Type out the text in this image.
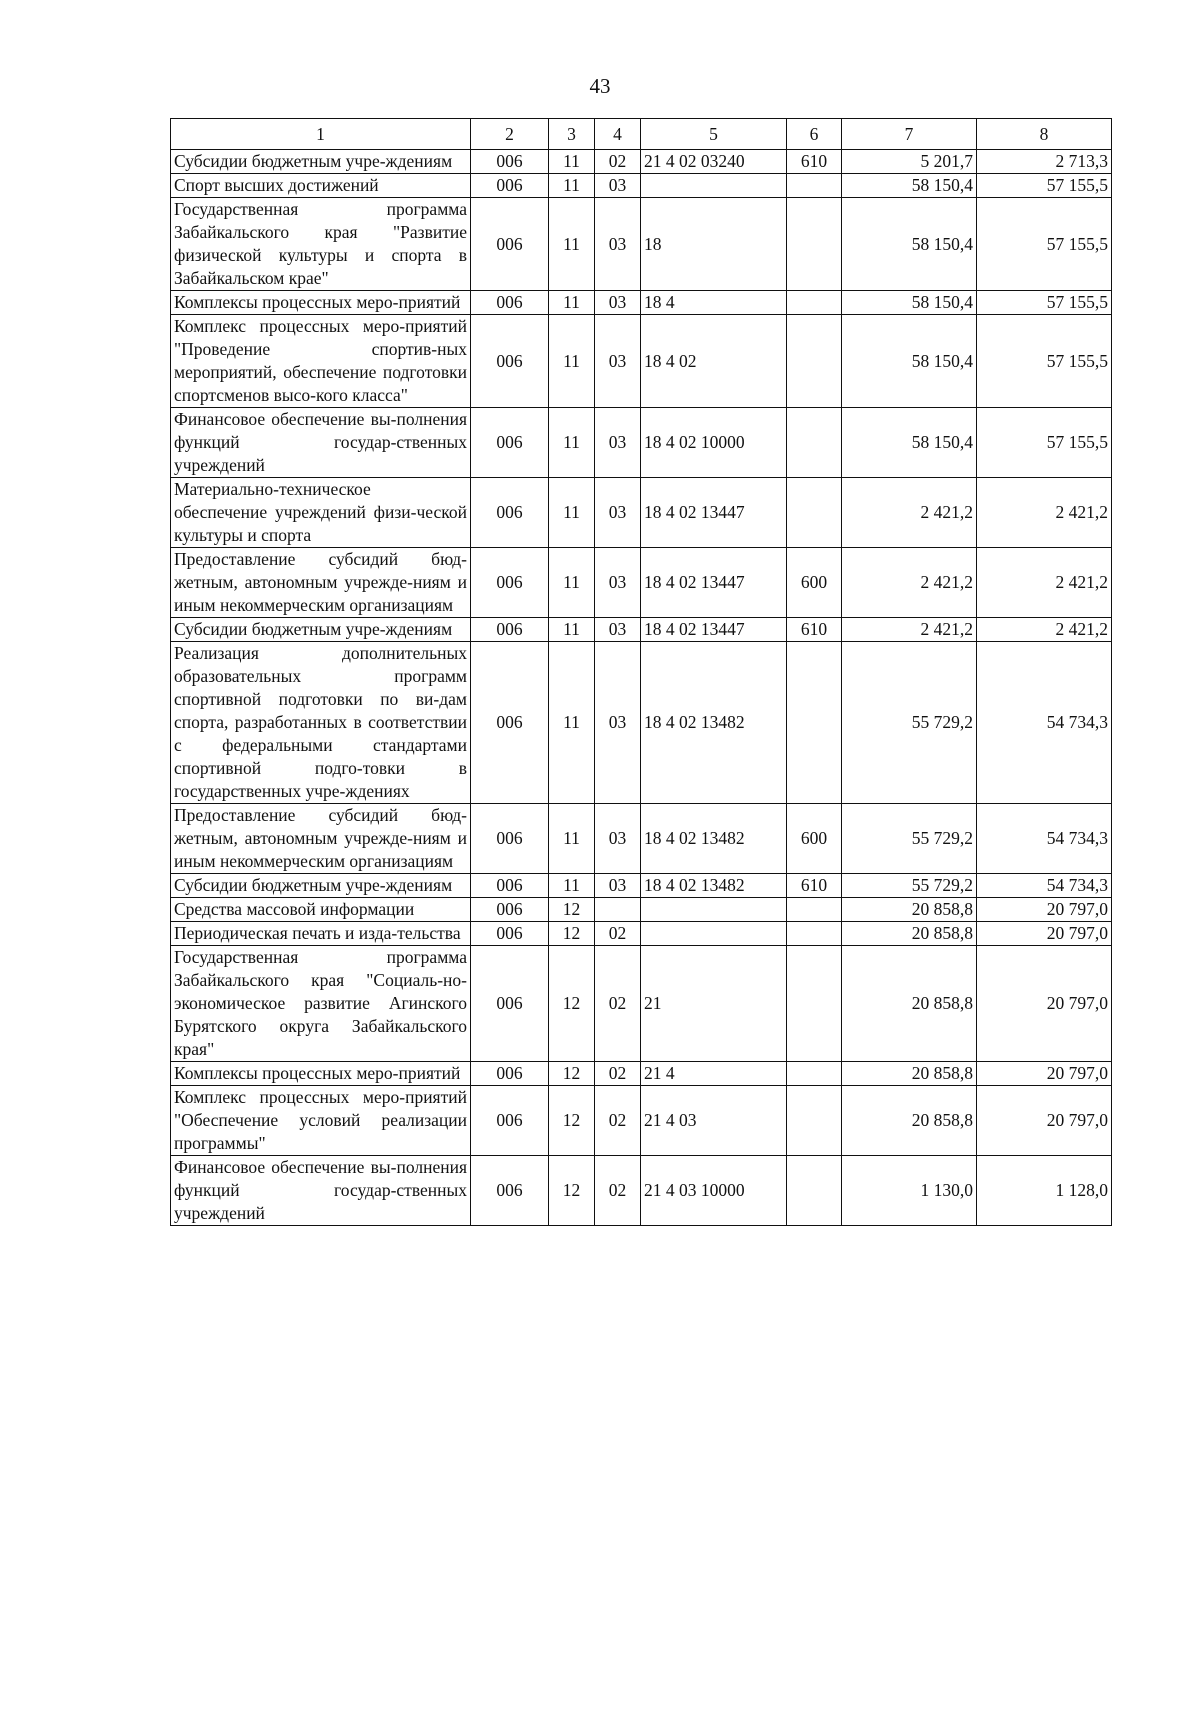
43
1	2	3	4	5	6	7	8
Субсидии бюджетным учре-ждениям	006	11	02	21 4 02 03240	610	5 201,7	2 713,3
Спорт высших достижений	006	11	03			58 150,4	57 155,5
Государственная программа Забайкальского края "Развитие физической культуры и спорта в Забайкальском крае"	006	11	03	18		58 150,4	57 155,5
Комплексы процессных меро-приятий	006	11	03	18 4		58 150,4	57 155,5
Комплекс процессных меро-приятий "Проведение спортив-ных мероприятий, обеспечение подготовки спортсменов высо-кого класса"	006	11	03	18 4 02		58 150,4	57 155,5
Финансовое обеспечение вы-полнения функций государ-ственных учреждений	006	11	03	18 4 02 10000		58 150,4	57 155,5
Материально-техническое обеспечение учреждений физи-ческой культуры и спорта	006	11	03	18 4 02 13447		2 421,2	2 421,2
Предоставление субсидий бюд-жетным, автономным учрежде-ниям и иным некоммерческим организациям	006	11	03	18 4 02 13447	600	2 421,2	2 421,2
Субсидии бюджетным учре-ждениям	006	11	03	18 4 02 13447	610	2 421,2	2 421,2
Реализация дополнительных образовательных программ спортивной подготовки по ви-дам спорта, разработанных в соответствии с федеральными стандартами спортивной подго-товки в государственных учре-ждениях	006	11	03	18 4 02 13482		55 729,2	54 734,3
Предоставление субсидий бюд-жетным, автономным учрежде-ниям и иным некоммерческим организациям	006	11	03	18 4 02 13482	600	55 729,2	54 734,3
Субсидии бюджетным учре-ждениям	006	11	03	18 4 02 13482	610	55 729,2	54 734,3
Средства массовой информации	006	12				20 858,8	20 797,0
Периодическая печать и изда-тельства	006	12	02			20 858,8	20 797,0
Государственная программа Забайкальского края "Социаль-но-экономическое развитие Агинского Бурятского округа Забайкальского края"	006	12	02	21		20 858,8	20 797,0
Комплексы процессных меро-приятий	006	12	02	21 4		20 858,8	20 797,0
Комплекс процессных меро-приятий "Обеспечение условий реализации программы"	006	12	02	21 4 03		20 858,8	20 797,0
Финансовое обеспечение вы-полнения функций государ-ственных учреждений	006	12	02	21 4 03 10000		1 130,0	1 128,0
